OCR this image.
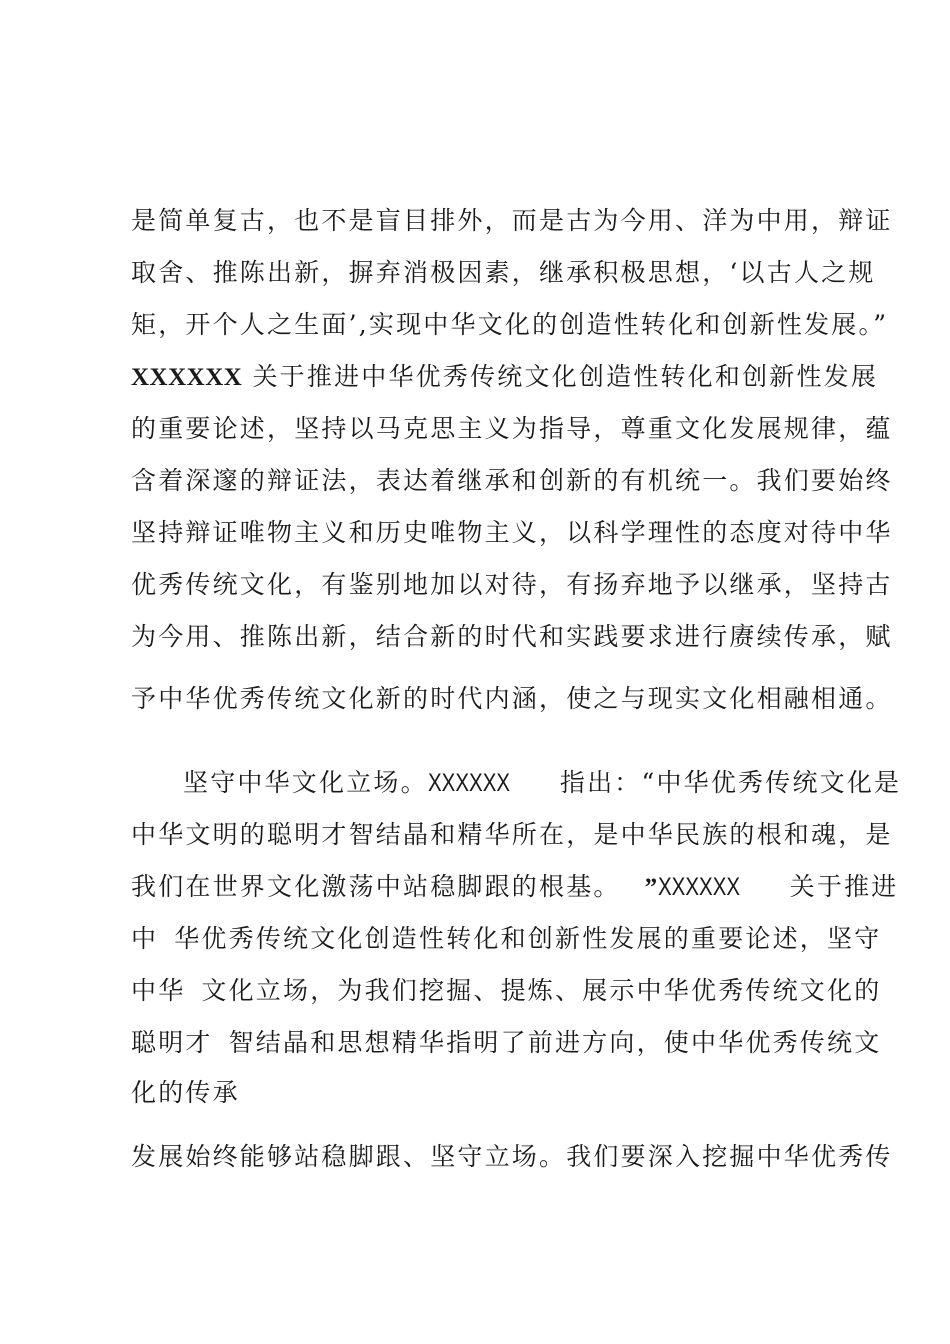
是简单复古，也不是盲目排外，而是古为今用、洋为中用，辩证
取舍、推陈出新，摒弃消极因素，继承积极思想，‘以古人之规
矩，开个人之生面’,实现中华文化的创造性转化和创新性发展。”
XXXXXX 关于推进中华优秀传统文化创造性转化和创新性发展
的重要论述，坚持以马克思主义为指导，尊重文化发展规律，蕴
含着深邃的辩证法，表达着继承和创新的有机统一。我们要始终
坚持辩证唯物主义和历史唯物主义，以科学理性的态度对待中华
优秀传统文化，有鉴别地加以对待，有扬弃地予以继承，坚持古
为今用、推陈出新，结合新的时代和实践要求进行赓续传承，赋
予中华优秀传统文化新的时代内涵，使之与现实文化相融相通。
坚守中华文化立场。XXXXXX 指出：“中华优秀传统文化是
中华文明的聪明才智结晶和精华所在，是中华民族的根和魂，是
我们在世界文化激荡中站稳脚跟的根基。 ”XXXXXX 关于推进
中 华优秀传统文化创造性转化和创新性发展的重要论述，坚守
中华 文化立场，为我们挖掘、提炼、展示中华优秀传统文化的
聪明才 智结晶和思想精华指明了前进方向，使中华优秀传统文
化的传承
发展始终能够站稳脚跟、坚守立场。我们要深入挖掘中华优秀传
